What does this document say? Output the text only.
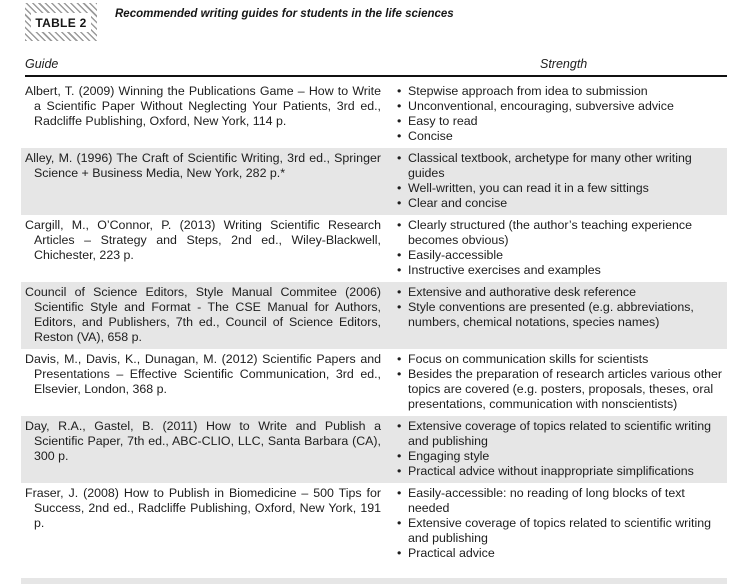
TABLE 2
Recommended writing guides for students in the life sciences
Guide	Strength
Albert, T. (2009) Winning the Publications Game – How to Write a Scientific Paper Without Neglecting Your Patients, 3rd ed., Radcliffe Publishing, Oxford, New York, 114 p.
• Stepwise approach from idea to submission
• Unconventional, encouraging, subversive advice
• Easy to read
• Concise
Alley, M. (1996) The Craft of Scientific Writing, 3rd ed., Springer Science + Business Media, New York, 282 p.*
• Classical textbook, archetype for many other writing guides
• Well-written, you can read it in a few sittings
• Clear and concise
Cargill, M., O’Connor, P. (2013) Writing Scientific Research Articles – Strategy and Steps, 2nd ed., Wiley-Blackwell, Chichester, 223 p.
• Clearly structured (the author’s teaching experience becomes obvious)
• Easily-accessible
• Instructive exercises and examples
Council of Science Editors, Style Manual Commitee (2006) Scientific Style and Format - The CSE Manual for Authors, Editors, and Publishers, 7th ed., Council of Science Editors, Reston (VA), 658 p.
• Extensive and authorative desk reference
• Style conventions are presented (e.g. abbreviations, numbers, chemical notations, species names)
Davis, M., Davis, K., Dunagan, M. (2012) Scientific Papers and Presentations – Effective Scientific Communication, 3rd ed., Elsevier, London, 368 p.
• Focus on communication skills for scientists
• Besides the preparation of research articles various other topics are covered (e.g. posters, proposals, theses, oral presentations, communication with nonscientists)
Day, R.A., Gastel, B. (2011) How to Write and Publish a Scientific Paper, 7th ed., ABC-CLIO, LLC, Santa Barbara (CA), 300 p.
• Extensive coverage of topics related to scientific writing and publishing
• Engaging style
• Practical advice without inappropriate simplifications
Fraser, J. (2008) How to Publish in Biomedicine – 500 Tips for Success, 2nd ed., Radcliffe Publishing, Oxford, New York, 191 p.
• Easily-accessible: no reading of long blocks of text needed
• Extensive coverage of topics related to scientific writing and publishing
• Practical advice
